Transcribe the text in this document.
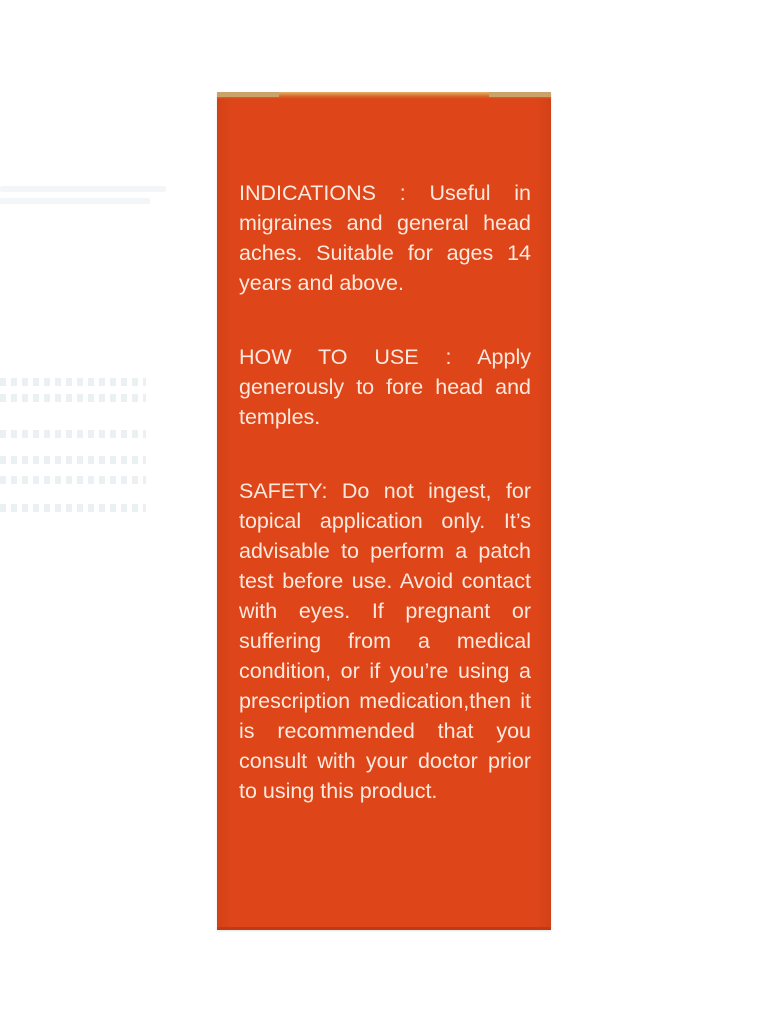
INDICATIONS : Useful in migraines and general head aches. Suitable for ages 14 years and above.

HOW TO USE : Apply generously to fore head and temples.

SAFETY: Do not ingest, for topical application only. It’s advisable to perform a patch test before use. Avoid contact with eyes. If pregnant or suffering from a medical condition, or if you’re using a prescription medication,then it is recommended that you consult with your doctor prior to using this product.
